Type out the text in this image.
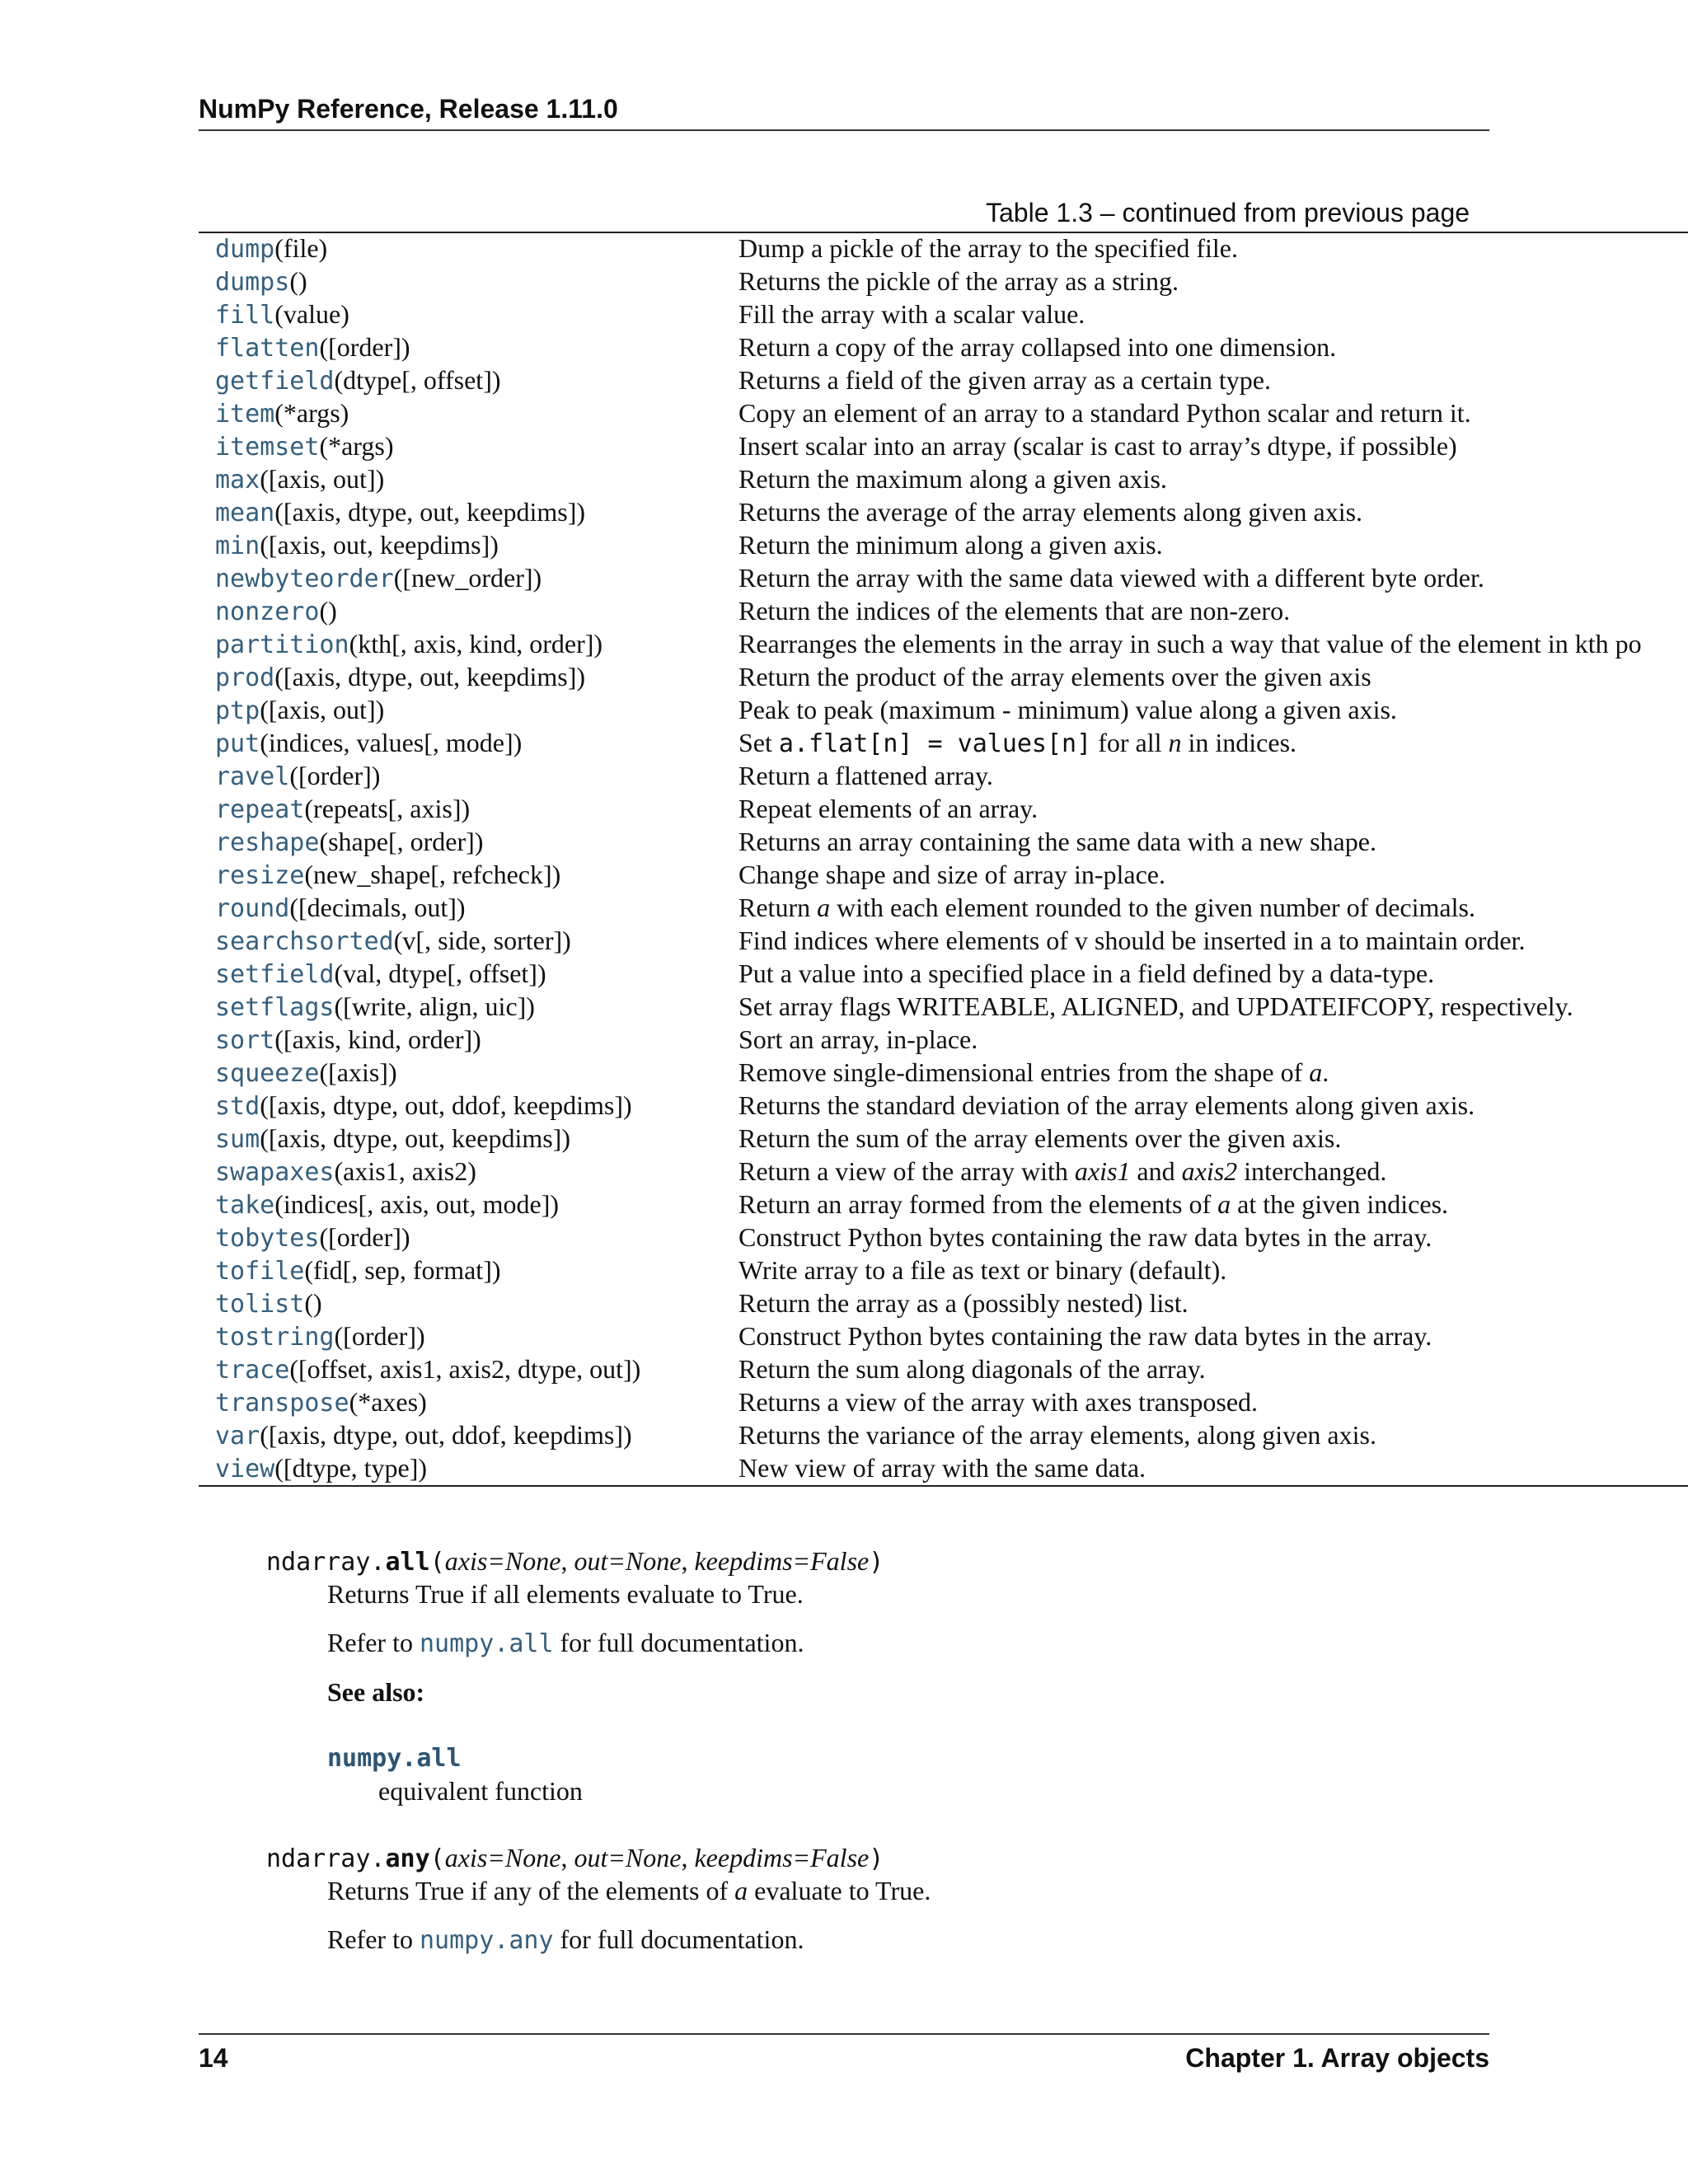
NumPy Reference, Release 1.11.0
Table 1.3 – continued from previous page
dump(file)	Dump a pickle of the array to the specified file.
dumps()	Returns the pickle of the array as a string.
fill(value)	Fill the array with a scalar value.
flatten([order])	Return a copy of the array collapsed into one dimension.
getfield(dtype[, offset])	Returns a field of the given array as a certain type.
item(*args)	Copy an element of an array to a standard Python scalar and return it.
itemset(*args)	Insert scalar into an array (scalar is cast to array’s dtype, if possible)
max([axis, out])	Return the maximum along a given axis.
mean([axis, dtype, out, keepdims])	Returns the average of the array elements along given axis.
min([axis, out, keepdims])	Return the minimum along a given axis.
newbyteorder([new_order])	Return the array with the same data viewed with a different byte order.
nonzero()	Return the indices of the elements that are non-zero.
partition(kth[, axis, kind, order])	Rearranges the elements in the array in such a way that value of the element in kth po
prod([axis, dtype, out, keepdims])	Return the product of the array elements over the given axis
ptp([axis, out])	Peak to peak (maximum - minimum) value along a given axis.
put(indices, values[, mode])	Set a.flat[n] = values[n] for all n in indices.
ravel([order])	Return a flattened array.
repeat(repeats[, axis])	Repeat elements of an array.
reshape(shape[, order])	Returns an array containing the same data with a new shape.
resize(new_shape[, refcheck])	Change shape and size of array in-place.
round([decimals, out])	Return a with each element rounded to the given number of decimals.
searchsorted(v[, side, sorter])	Find indices where elements of v should be inserted in a to maintain order.
setfield(val, dtype[, offset])	Put a value into a specified place in a field defined by a data-type.
setflags([write, align, uic])	Set array flags WRITEABLE, ALIGNED, and UPDATEIFCOPY, respectively.
sort([axis, kind, order])	Sort an array, in-place.
squeeze([axis])	Remove single-dimensional entries from the shape of a.
std([axis, dtype, out, ddof, keepdims])	Returns the standard deviation of the array elements along given axis.
sum([axis, dtype, out, keepdims])	Return the sum of the array elements over the given axis.
swapaxes(axis1, axis2)	Return a view of the array with axis1 and axis2 interchanged.
take(indices[, axis, out, mode])	Return an array formed from the elements of a at the given indices.
tobytes([order])	Construct Python bytes containing the raw data bytes in the array.
tofile(fid[, sep, format])	Write array to a file as text or binary (default).
tolist()	Return the array as a (possibly nested) list.
tostring([order])	Construct Python bytes containing the raw data bytes in the array.
trace([offset, axis1, axis2, dtype, out])	Return the sum along diagonals of the array.
transpose(*axes)	Returns a view of the array with axes transposed.
var([axis, dtype, out, ddof, keepdims])	Returns the variance of the array elements, along given axis.
view([dtype, type])	New view of array with the same data.
ndarray.all(axis=None, out=None, keepdims=False)
Returns True if all elements evaluate to True.
Refer to numpy.all for full documentation.
See also:
numpy.all
equivalent function
ndarray.any(axis=None, out=None, keepdims=False)
Returns True if any of the elements of a evaluate to True.
Refer to numpy.any for full documentation.
14	Chapter 1. Array objects
